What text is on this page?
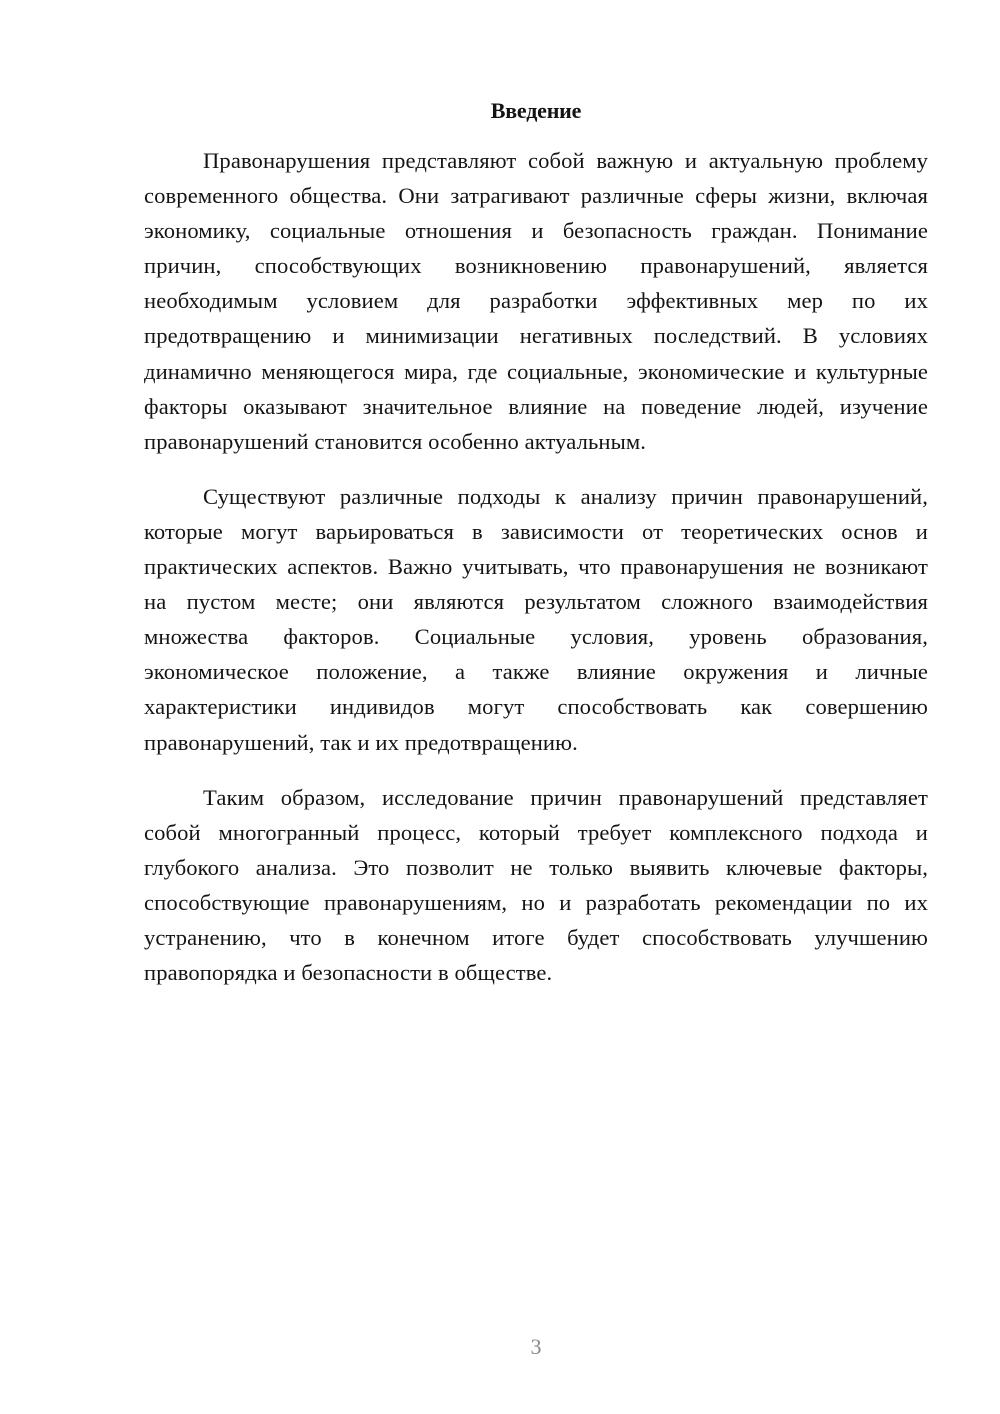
Введение

Правонарушения представляют собой важную и актуальную проблему современного общества. Они затрагивают различные сферы жизни, включая экономику, социальные отношения и безопасность граждан. Понимание причин, способствующих возникновению правонарушений, является необходимым условием для разработки эффективных мер по их предотвращению и минимизации негативных последствий. В условиях динамично меняющегося мира, где социальные, экономические и культурные факторы оказывают значительное влияние на поведение людей, изучение правонарушений становится особенно актуальным.

Существуют различные подходы к анализу причин правонарушений, которые могут варьироваться в зависимости от теоретических основ и практических аспектов. Важно учитывать, что правонарушения не возникают на пустом месте; они являются результатом сложного взаимодействия множества факторов. Социальные условия, уровень образования, экономическое положение, а также влияние окружения и личные характеристики индивидов могут способствовать как совершению правонарушений, так и их предотвращению.

Таким образом, исследование причин правонарушений представляет собой многогранный процесс, который требует комплексного подхода и глубокого анализа. Это позволит не только выявить ключевые факторы, способствующие правонарушениям, но и разработать рекомендации по их устранению, что в конечном итоге будет способствовать улучшению правопорядка и безопасности в обществе.

3
